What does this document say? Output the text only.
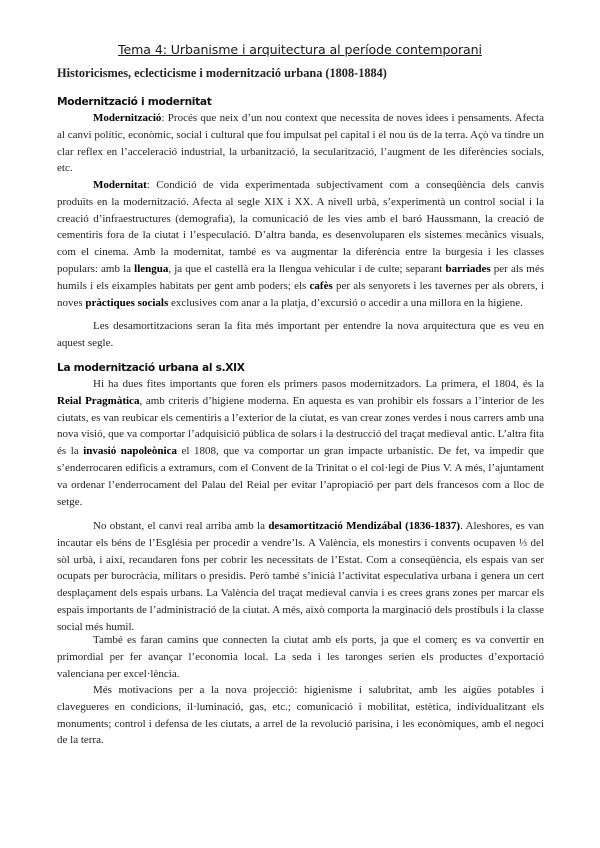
Tema 4: Urbanisme i arquitectura al període contemporani
Historicismes, eclecticisme i modernització urbana (1808-1884)
Modernització i modernitat

Modernització: Procés que neix d’un nou context que necessita de noves idees i pensaments. Afecta al canvi polític, econòmic, social i cultural que fou impulsat pel capital i el nou ús de la terra. Açò va tindre un clar reflex en l’acceleració industrial, la urbanització, la secularització, l’augment de les diferències socials, etc.

Modernitat: Condició de vida experimentada subjectivament com a conseqüència dels canvis produïts en la modernització. Afecta al segle XIX i XX. A nivell urbà, s’experimentà un control social i la creació d’infraestructures (demografia), la comunicació de les vies amb el baró Haussmann, la creació de cementiris fora de la ciutat i l’especulació. D’altra banda, es desenvoluparen els sistemes mecànics visuals, com el cinema. Amb la modernitat, també es va augmentar la diferència entre la burgesia i les classes populars: amb la llengua, ja que el castellà era la llengua vehicular i de culte; separant barriades per als més humils i els eixamples habitats per gent amb poders; els cafès per als senyorets i les tavernes per als obrers, i noves pràctiques socials exclusives com anar a la platja, d’excursió o accedir a una millora en la higiene.

Les desamortitzacions seran la fita més important per entendre la nova arquitectura que es veu en aquest segle.

La modernització urbana al s.XIX

Hi ha dues fites importants que foren els primers pasos modernitzadors. La primera, el 1804, és la Reial Pragmàtica, amb criteris d’higiene moderna. En aquesta es van prohibir els fossars a l’interior de les ciutats, es van reubicar els cementiris a l’exterior de la ciutat, es van crear zones verdes i nous carrers amb una nova visió, que va comportar l’adquisició pública de solars i la destrucció del traçat medieval antic. L’altra fita és la invasió napoleònica el 1808, que va comportar un gran impacte urbanístic. De fet, va impedir que s’enderrocaren edificis a extramurs, com el Convent de la Trinitat o el col·legi de Pius V. A més, l’ajuntament va ordenar l’enderrocament del Palau del Reial per evitar l’apropiació per part dels francesos com a lloc de setge.

No obstant, el canvi real arriba amb la desamortització Mendizábal (1836-1837). Aleshores, es van incautar els béns de l’Església per procedir a vendre’ls. A València, els monestirs i convents ocupaven ⅓ del sòl urbà, i així, recaudaren fons per cobrir les necessitats de l’Estat. Com a conseqüència, els espais van ser ocupats per burocràcia, militars o presidis. Però també s’inicià l’activitat especulativa urbana i genera un cert desplaçament dels espais urbans. La València del traçat medieval canvia i es crees grans zones per marcar els espais importants de l’administració de la ciutat. A més, això comporta la marginació dels prostíbuls i la classe social més humil.

També es faran camins que connecten la ciutat amb els ports, ja que el comerç es va convertir en primordial per fer avançar l’economia local. La seda i les taronges serien els productes d’exportació valenciana per excel·lència.

Més motivacions per a la nova projecció: higienisme i salubritat, amb les aigües potables i clavegueres en condicions, il·luminació, gas, etc.; comunicació i mobilitat, estètica, individualitzant els monuments; control i defensa de les ciutats, a arrel de la revolució parisina, i les econòmiques, amb el negoci de la terra.
